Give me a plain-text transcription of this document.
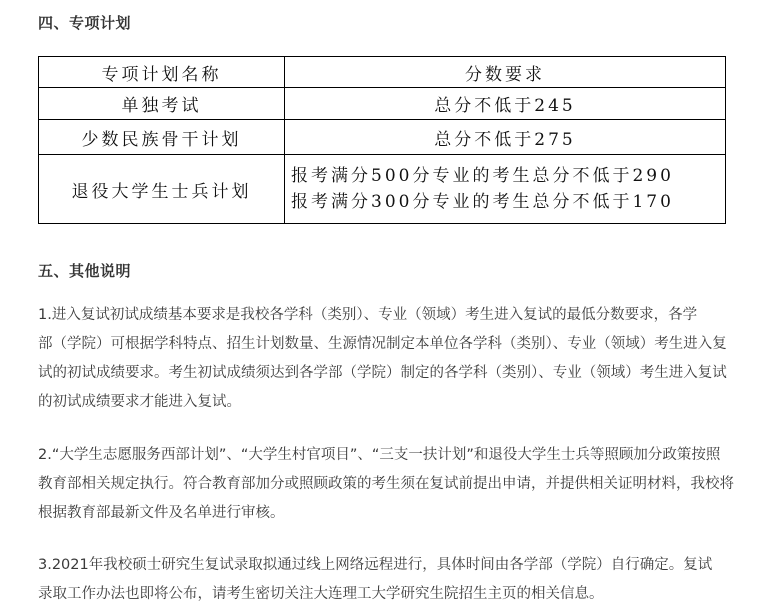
四、专项计划
专项计划名称	分数要求
单独考试	总分不低于245
少数民族骨干计划	总分不低于275
退役大学生士兵计划	报考满分500分专业的考生总分不低于290
报考满分300分专业的考生总分不低于170
五、其他说明
1.进入复试初试成绩基本要求是我校各学科（类别）、专业（领域）考生进入复试的最低分数要求，各学
部（学院）可根据学科特点、招生计划数量、生源情况制定本单位各学科（类别）、专业（领域）考生进入复
试的初试成绩要求。考生初试成绩须达到各学部（学院）制定的各学科（类别）、专业（领域）考生进入复试
的初试成绩要求才能进入复试。
2.“大学生志愿服务西部计划”、“大学生村官项目”、“三支一扶计划”和退役大学生士兵等照顾加分政策按照
教育部相关规定执行。符合教育部加分或照顾政策的考生须在复试前提出申请，并提供相关证明材料，我校将
根据教育部最新文件及名单进行审核。
3.2021年我校硕士研究生复试录取拟通过线上网络远程进行，具体时间由各学部（学院）自行确定。复试
录取工作办法也即将公布，请考生密切关注大连理工大学研究生院招生主页的相关信息。
